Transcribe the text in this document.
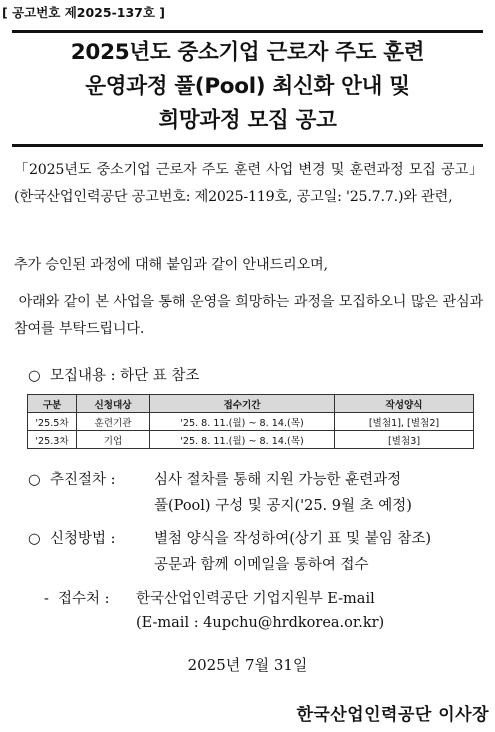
[ 공고번호 제2025-137호 ]
2025년도 중소기업 근로자 주도 훈련
운영과정 풀(Pool) 최신화 안내 및
희망과정 모집 공고
「2025년도 중소기업 근로자 주도 훈련 사업 변경 및 훈련과정 모집 공고」(한국산업인력공단 공고번호: 제2025-119호, 공고일: '25.7.7.)와 관련,
추가 승인된 과정에 대해 붙임과 같이 안내드리오며,
아래와 같이 본 사업을 통해 운영을 희망하는 과정을 모집하오니 많은 관심과 참여를 부탁드립니다.
○ 모집내용 : 하단 표 참조
구분	신청대상	접수기간	작성양식
'25.5차	훈련기관	'25. 8. 11.(월) ~ 8. 14.(목)	[별첨1], [별첨2]
'25.3차	기업	'25. 8. 11.(월) ~ 8. 14.(목)	[별첨3]
○ 추진절차 :	심사 절차를 통해 지원 가능한 훈련과정
풀(Pool) 구성 및 공지('25. 9월 초 예정)
○ 신청방법 :	별첨 양식을 작성하여(상기 표 및 붙임 참조)
공문과 함께 이메일을 통하여 접수
- 접수처 : 한국산업인력공단 기업지원부 E-mail
(E-mail : 4upchu@hrdkorea.or.kr)
2025년 7월 31일
한국산업인력공단 이사장
